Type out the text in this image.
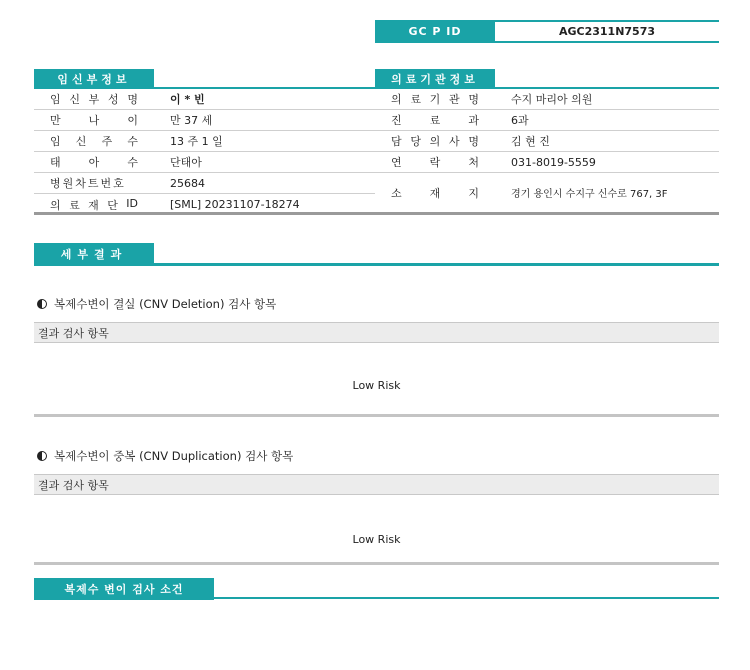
GC P ID	AGC2311N7573
임신부정보
임 신 부 성 명	이 * 빈
만	나	이	만 37 세
임 신 주 수	13 주 1 일
태	아	수	단태아
병원차트번호	25684
의 료 재 단 ID	[SML] 20231107-18274
의료기관정보
의 료 기 관 명	수지 마리아 의원
진	료	과	6과
담 당 의 사 명	김 현 진
연	락	처	031-8019-5559
소	재	지	경기 용인시 수지구 신수로 767, 3F
세부결과
복제수변이 결실 (CNV Deletion) 검사 항목
결과 검사 항목
Low Risk
복제수변이 중복 (CNV Duplication) 검사 항목
결과 검사 항목
Low Risk
복제수 변이 검사 소건
